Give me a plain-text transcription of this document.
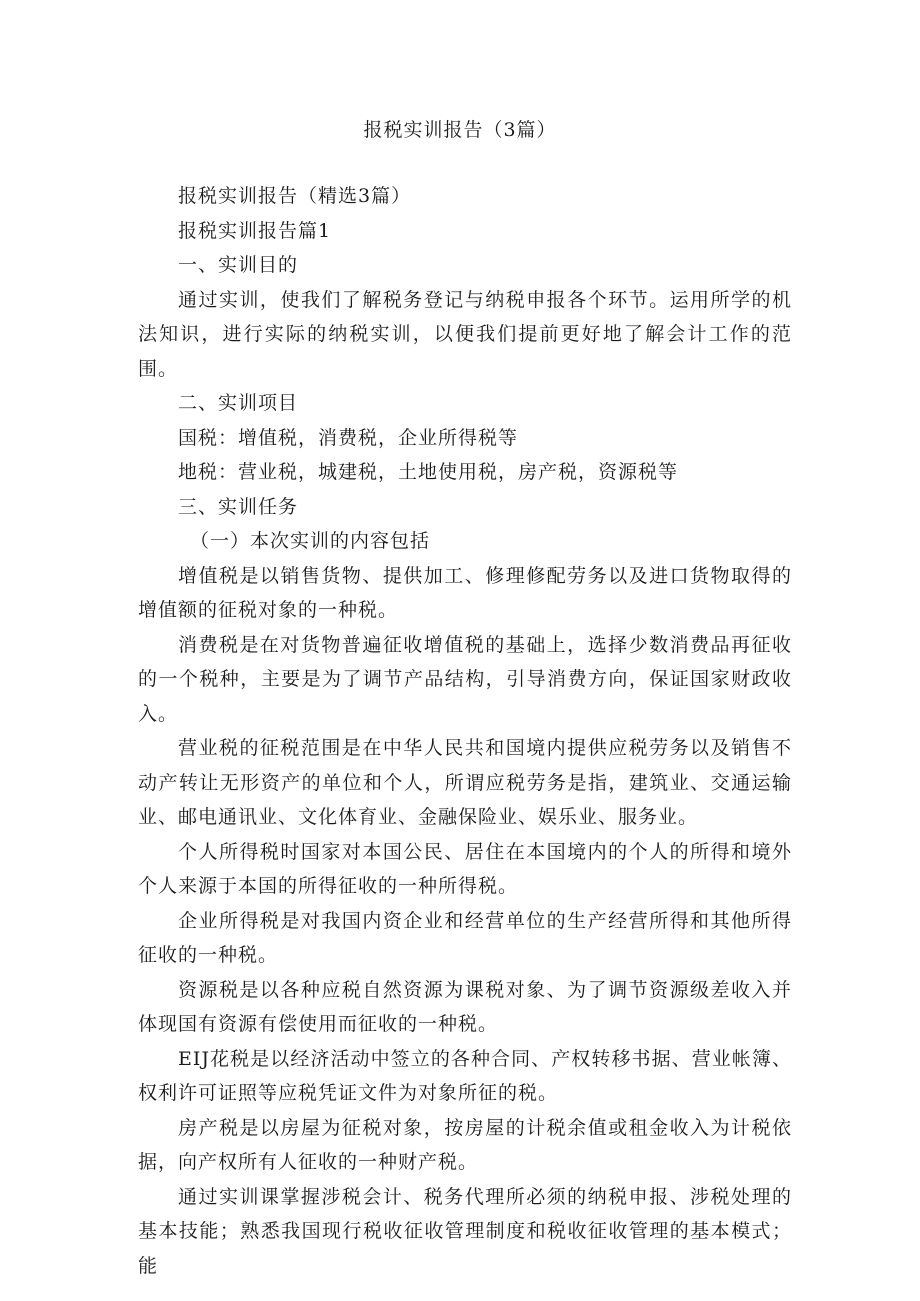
报税实训报告（3篇）

报税实训报告（精选3篇）

报税实训报告篇1

一、实训目的

通过实训，使我们了解税务登记与纳税申报各个环节。运用所学的机法知识，进行实际的纳税实训，以便我们提前更好地了解会计工作的范围。

二、实训项目

国税：增值税，消费税，企业所得税等

地税：营业税，城建税，土地使用税，房产税，资源税等

三、实训任务

（一）本次实训的内容包括

增值税是以销售货物、提供加工、修理修配劳务以及进口货物取得的增值额的征税对象的一种税。

消费税是在对货物普遍征收增值税的基础上，选择少数消费品再征收的一个税种，主要是为了调节产品结构，引导消费方向，保证国家财政收入。

营业税的征税范围是在中华人民共和国境内提供应税劳务以及销售不动产转让无形资产的单位和个人，所谓应税劳务是指，建筑业、交通运输业、邮电通讯业、文化体育业、金融保险业、娱乐业、服务业。

个人所得税时国家对本国公民、居住在本国境内的个人的所得和境外个人来源于本国的所得征收的一种所得税。

企业所得税是对我国内资企业和经营单位的生产经营所得和其他所得征收的一种税。

资源税是以各种应税自然资源为课税对象、为了调节资源级差收入并体现国有资源有偿使用而征收的一种税。

EIJ花税是以经济活动中签立的各种合同、产权转移书据、营业帐簿、权利许可证照等应税凭证文件为对象所征的税。

房产税是以房屋为征税对象，按房屋的计税余值或租金收入为计税依据，向产权所有人征收的一种财产税。

通过实训课掌握涉税会计、税务代理所必须的纳税申报、涉税处理的基本技能；熟悉我国现行税收征收管理制度和税收征收管理的基本模式；能
